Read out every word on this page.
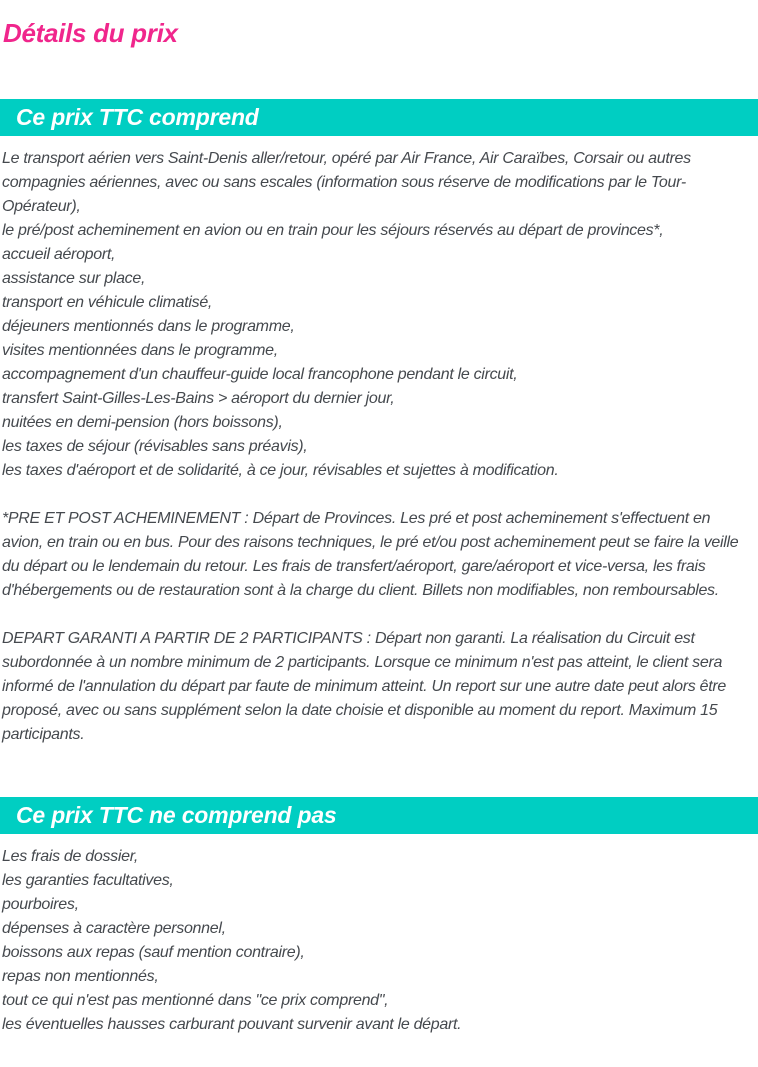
Détails du prix
Ce prix TTC comprend
Le transport aérien vers Saint-Denis aller/retour, opéré par Air France, Air Caraïbes, Corsair ou autres compagnies aériennes, avec ou sans escales (information sous réserve de modifications par le Tour-Opérateur),
le pré/post acheminement en avion ou en train pour les séjours réservés au départ de provinces*,
accueil aéroport,
assistance sur place,
transport en véhicule climatisé,
déjeuners mentionnés dans le programme,
visites mentionnées dans le programme,
accompagnement d'un chauffeur-guide local francophone pendant le circuit,
transfert Saint-Gilles-Les-Bains > aéroport du dernier jour,
nuitées en demi-pension (hors boissons),
les taxes de séjour (révisables sans préavis),
les taxes d'aéroport et de solidarité, à ce jour, révisables et sujettes à modification.

*PRE ET POST ACHEMINEMENT : Départ de Provinces. Les pré et post acheminement s'effectuent en avion, en train ou en bus. Pour des raisons techniques, le pré et/ou post acheminement peut se faire la veille du départ ou le lendemain du retour. Les frais de transfert/aéroport, gare/aéroport et vice-versa, les frais d'hébergements ou de restauration sont à la charge du client. Billets non modifiables, non remboursables.

DEPART GARANTI A PARTIR DE 2 PARTICIPANTS : Départ non garanti. La réalisation du Circuit est subordonnée à un nombre minimum de 2 participants. Lorsque ce minimum n'est pas atteint, le client sera informé de l'annulation du départ par faute de minimum atteint. Un report sur une autre date peut alors être proposé, avec ou sans supplément selon la date choisie et disponible au moment du report. Maximum 15 participants.

Ce prix TTC ne comprend pas
Les frais de dossier,
les garanties facultatives,
pourboires,
dépenses à caractère personnel,
boissons aux repas (sauf mention contraire),
repas non mentionnés,
tout ce qui n'est pas mentionné dans "ce prix comprend",
les éventuelles hausses carburant pouvant survenir avant le départ.
